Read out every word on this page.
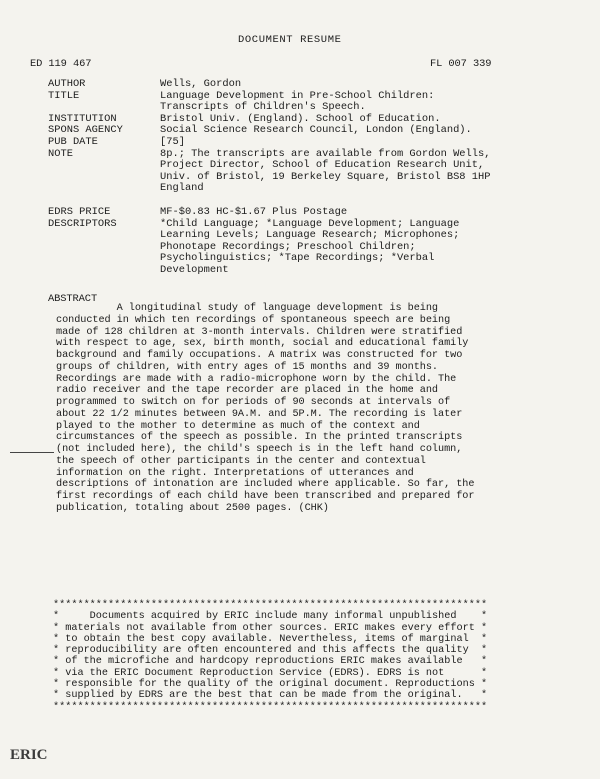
DOCUMENT RESUME
ED 119 467	FL 007 339
AUTHOR	Wells, Gordon
TITLE	Language Development in Pre-School Children:
Transcripts of Children's Speech.
INSTITUTION	Bristol Univ. (England). School of Education.
SPONS AGENCY	Social Science Research Council, London (England).
PUB DATE	[75]
NOTE	8p.; The transcripts are available from Gordon Wells,
Project Director, School of Education Research Unit,
Univ. of Bristol, 19 Berkeley Square, Bristol BS8 1HP
England
EDRS PRICE	MF-$0.83 HC-$1.67 Plus Postage
DESCRIPTORS	*Child Language; *Language Development; Language
Learning Levels; Language Research; Microphones;
Phonotape Recordings; Preschool Children;
Psycholinguistics; *Tape Recordings; *Verbal
Development
ABSTRACT
A longitudinal study of language development is being
conducted in which ten recordings of spontaneous speech are being
made of 128 children at 3-month intervals. Children were stratified
with respect to age, sex, birth month, social and educational family
background and family occupations. A matrix was constructed for two
groups of children, with entry ages of 15 months and 39 months.
Recordings are made with a radio-microphone worn by the child. The
radio receiver and the tape recorder are placed in the home and
programmed to switch on for periods of 90 seconds at intervals of
about 22 1/2 minutes between 9A.M. and 5P.M. The recording is later
played to the mother to determine as much of the context and
circumstances of the speech as possible. In the printed transcripts
(not included here), the child's speech is in the left hand column,
the speech of other participants in the center and contextual
information on the right. Interpretations of utterances and
descriptions of intonation are included where applicable. So far, the
first recordings of each child have been transcribed and prepared for
publication, totaling about 2500 pages. (CHK)
***********************************************************************
*     Documents acquired by ERIC include many informal unpublished    *
* materials not available from other sources. ERIC makes every effort *
* to obtain the best copy available. Nevertheless, items of marginal  *
* reproducibility are often encountered and this affects the quality  *
* of the microfiche and hardcopy reproductions ERIC makes available   *
* via the ERIC Document Reproduction Service (EDRS). EDRS is not      *
* responsible for the quality of the original document. Reproductions *
* supplied by EDRS are the best that can be made from the original.   *
***********************************************************************
ERIC
